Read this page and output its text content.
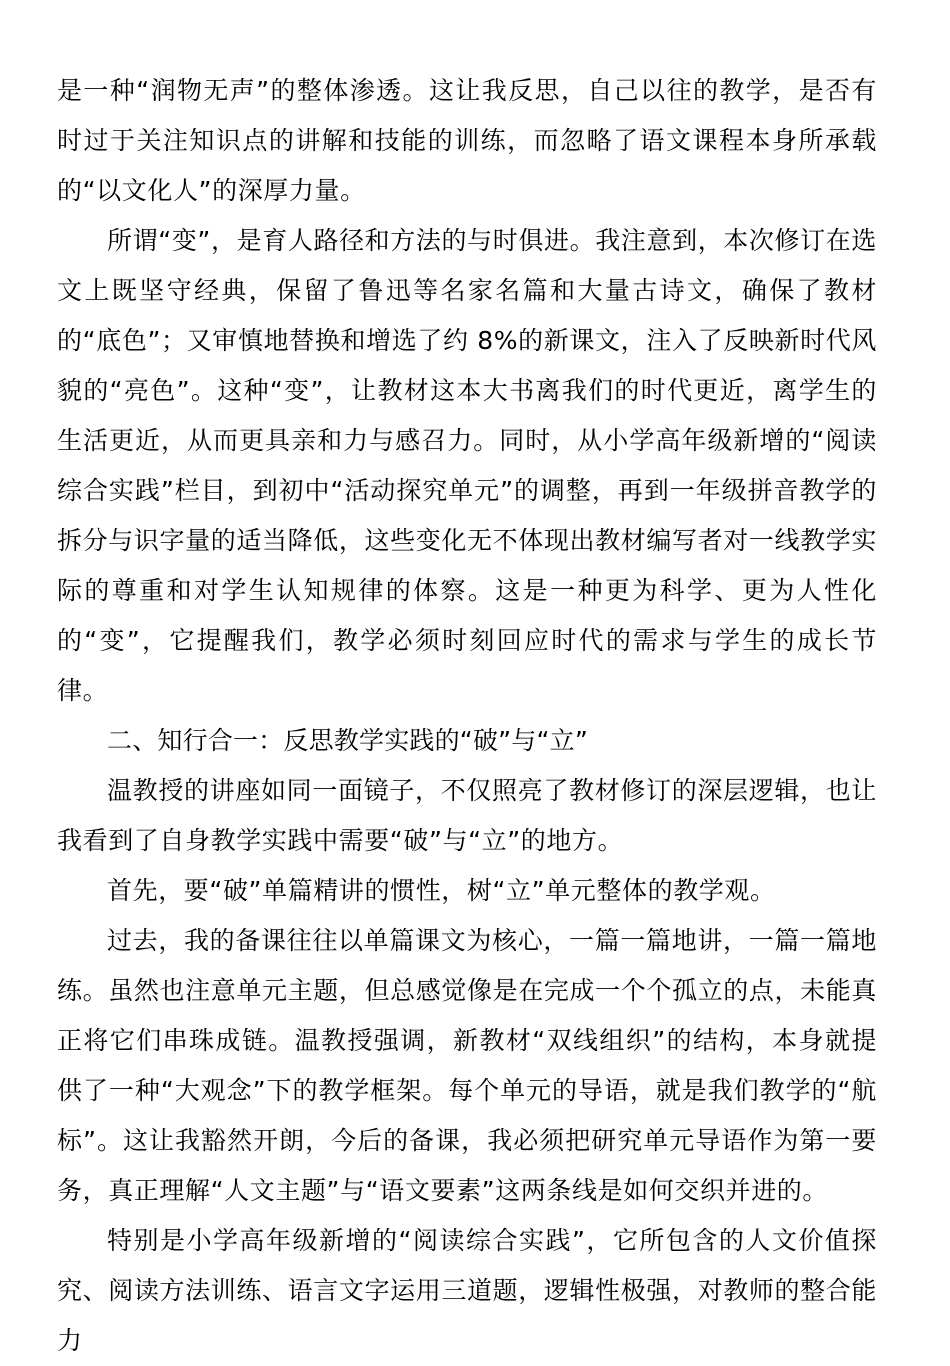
是一种“润物无声”的整体渗透。这让我反思，自己以往的教学，是否有时过于关注知识点的讲解和技能的训练，而忽略了语文课程本身所承载的“以文化人”的深厚力量。

所谓“变”，是育人路径和方法的与时俱进。我注意到，本次修订在选文上既坚守经典，保留了鲁迅等名家名篇和大量古诗文，确保了教材的“底色”；又审慎地替换和增选了约 8%的新课文，注入了反映新时代风貌的“亮色”。这种“变”，让教材这本大书离我们的时代更近，离学生的生活更近，从而更具亲和力与感召力。同时，从小学高年级新增的“阅读综合实践”栏目，到初中“活动探究单元”的调整，再到一年级拼音教学的拆分与识字量的适当降低，这些变化无不体现出教材编写者对一线教学实际的尊重和对学生认知规律的体察。这是一种更为科学、更为人性化的“变”，它提醒我们，教学必须时刻回应时代的需求与学生的成长节律。

二、知行合一：反思教学实践的“破”与“立”

温教授的讲座如同一面镜子，不仅照亮了教材修订的深层逻辑，也让我看到了自身教学实践中需要“破”与“立”的地方。

首先，要“破”单篇精讲的惯性，树“立”单元整体的教学观。

过去，我的备课往往以单篇课文为核心，一篇一篇地讲，一篇一篇地练。虽然也注意单元主题，但总感觉像是在完成一个个孤立的点，未能真正将它们串珠成链。温教授强调，新教材“双线组织”的结构，本身就提供了一种“大观念”下的教学框架。每个单元的导语，就是我们教学的“航标”。这让我豁然开朗，今后的备课，我必须把研究单元导语作为第一要务，真正理解“人文主题”与“语文要素”这两条线是如何交织并进的。

特别是小学高年级新增的“阅读综合实践”，它所包含的人文价值探究、阅读方法训练、语言文字运用三道题，逻辑性极强，对教师的整合能力
